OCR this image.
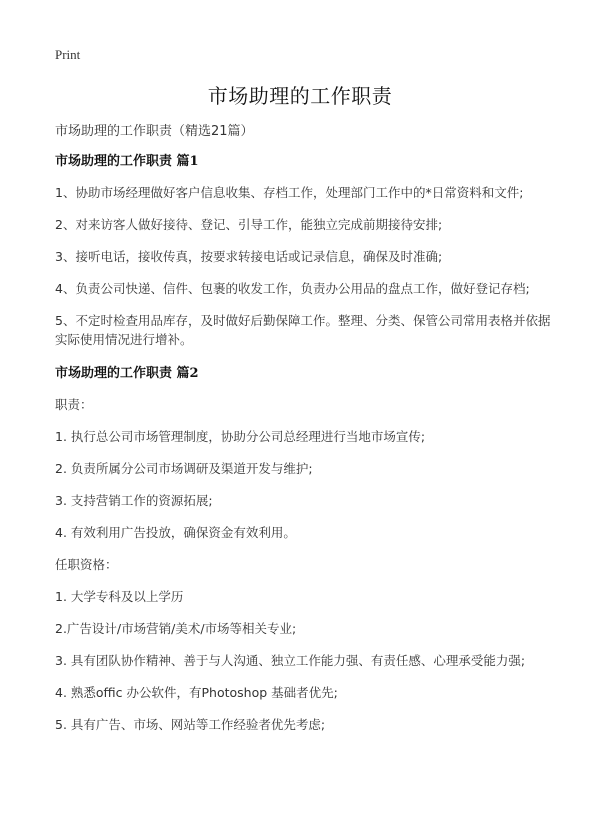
Print
市场助理的工作职责
市场助理的工作职责（精选21篇）
市场助理的工作职责 篇1

1、协助市场经理做好客户信息收集、存档工作，处理部门工作中的*日常资料和文件;

2、对来访客人做好接待、登记、引导工作，能独立完成前期接待安排;

3、接听电话，接收传真，按要求转接电话或记录信息，确保及时准确;

4、负责公司快递、信件、包裹的收发工作，负责办公用品的盘点工作，做好登记存档;

5、不定时检查用品库存，及时做好后勤保障工作。整理、分类、保管公司常用表格并依据实际使用情况进行增补。

市场助理的工作职责 篇2

职责：

1. 执行总公司市场管理制度，协助分公司总经理进行当地市场宣传;

2. 负责所属分公司市场调研及渠道开发与维护;

3. 支持营销工作的资源拓展;

4. 有效利用广告投放，确保资金有效利用。

任职资格：

1. 大学专科及以上学历

2.广告设计/市场营销/美术/市场等相关专业;

3. 具有团队协作精神、善于与人沟通、独立工作能力强、有责任感、心理承受能力强;

4. 熟悉offic 办公软件，有Photoshop 基础者优先;

5. 具有广告、市场、网站等工作经验者优先考虑;
